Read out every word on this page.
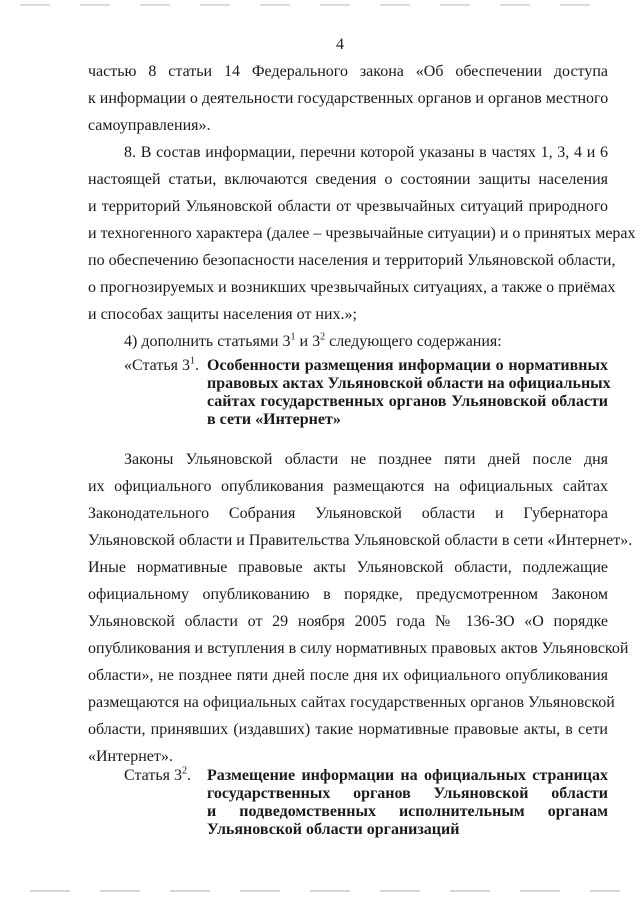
4
частью 8 статьи 14 Федерального закона «Об обеспечении доступа
к информации о деятельности государственных органов и органов местного
самоуправления».
8. В состав информации, перечни которой указаны в частях 1, 3, 4 и 6
настоящей статьи, включаются сведения о состоянии защиты населения
и территорий Ульяновской области от чрезвычайных ситуаций природного
и техногенного характера (далее – чрезвычайные ситуации) и о принятых мерах
по обеспечению безопасности населения и территорий Ульяновской области,
о прогнозируемых и возникших чрезвычайных ситуациях, а также о приёмах
и способах защиты населения от них.»;
4) дополнить статьями $3^1$ и $3^2$ следующего содержания:
«Статья $3^1$. Особенности размещения информации о нормативных
правовых актах Ульяновской области на официальных
сайтах государственных органов Ульяновской области
в сети «Интернет»
Законы Ульяновской области не позднее пяти дней после дня
их официального опубликования размещаются на официальных сайтах
Законодательного Собрания Ульяновской области и Губернатора
Ульяновской области и Правительства Ульяновской области в сети «Интернет».
Иные нормативные правовые акты Ульяновской области, подлежащие
официальному опубликованию в порядке, предусмотренном Законом
Ульяновской области от 29 ноября 2005 года № 136-ЗО «О порядке
опубликования и вступления в силу нормативных правовых актов Ульяновской
области», не позднее пяти дней после дня их официального опубликования
размещаются на официальных сайтах государственных органов Ульяновской
области, принявших (издавших) такие нормативные правовые акты, в сети
«Интернет».
Статья $3^2$. Размещение информации на официальных страницах
государственных органов Ульяновской области
и подведомственных исполнительным органам
Ульяновской области организаций
